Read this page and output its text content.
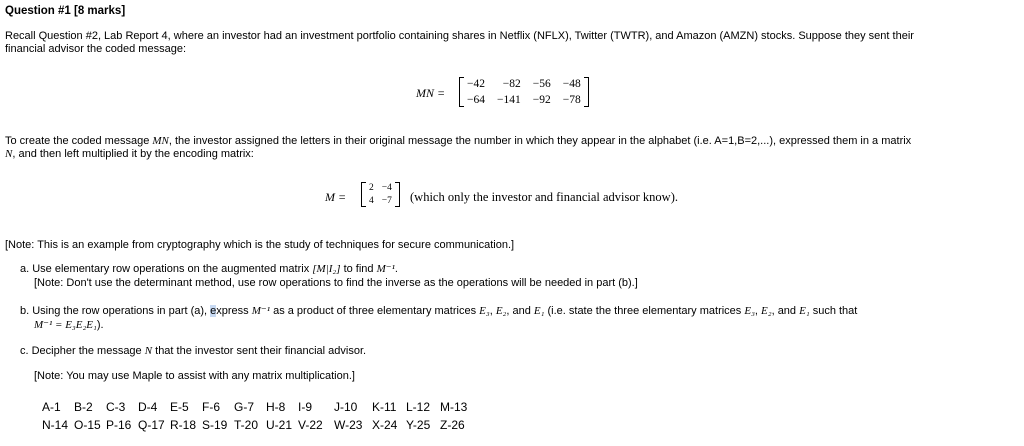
Question #1 [8 marks]
Recall Question #2, Lab Report 4, where an investor had an investment portfolio containing shares in Netflix (NFLX), Twitter (TWTR), and Amazon (AMZN) stocks. Suppose they sent their
financial advisor the coded message:
MN =
−42	−82 −56 −48
−64 −141 −92 −78
To create the coded message MN, the investor assigned the letters in their original message the number in which they appear in the alphabet (i.e. A=1,B=2,...), expressed them in a matrix
N, and then left multiplied it by the encoding matrix:
M =
2 −4
4 −7 (which only the investor and financial advisor know).
[Note: This is an example from cryptography which is the study of techniques for secure communication.]
a. Use elementary row operations on the augmented matrix [M|I₂] to find M⁻¹.
[Note: Don't use the determinant method, use row operations to find the inverse as the operations will be needed in part (b).]
b. Using the row operations in part (a), express M⁻¹ as a product of three elementary matrices E₃, E₂, and E₁ (i.e. state the three elementary matrices E₃, E₂, and E₁ such that
M⁻¹ = E₃E₂E₁).
c. Decipher the message N that the investor sent their financial advisor.
[Note: You may use Maple to assist with any matrix multiplication.]
A-1	B-2	C-3	D-4	E-5	F-6	G-7 H-8	I-9	J-10	K-11 L-12 M-13
N-14 O-15 P-16 Q-17 R-18 S-19 T-20 U-21 V-22 W-23 X-24 Y-25 Z-26
